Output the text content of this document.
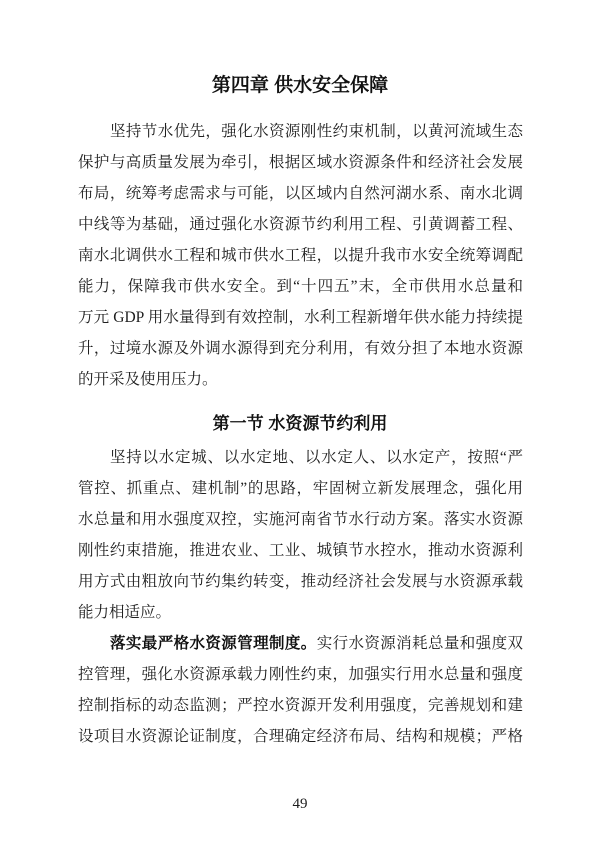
第四章 供水安全保障
坚持节水优先，强化水资源刚性约束机制，以黄河流域生态
保护与高质量发展为牵引，根据区域水资源条件和经济社会发展
布局，统筹考虑需求与可能，以区域内自然河湖水系、南水北调
中线等为基础，通过强化水资源节约利用工程、引黄调蓄工程、
南水北调供水工程和城市供水工程，以提升我市水安全统筹调配
能力，保障我市供水安全。到“十四五”末，全市供用水总量和
万元 GDP 用水量得到有效控制，水利工程新增年供水能力持续提
升，过境水源及外调水源得到充分利用，有效分担了本地水资源
的开采及使用压力。
第一节 水资源节约利用
坚持以水定城、以水定地、以水定人、以水定产，按照“严
管控、抓重点、建机制”的思路，牢固树立新发展理念，强化用
水总量和用水强度双控，实施河南省节水行动方案。落实水资源
刚性约束措施，推进农业、工业、城镇节水控水，推动水资源利
用方式由粗放向节约集约转变，推动经济社会发展与水资源承载
能力相适应。
落实最严格水资源管理制度。实行水资源消耗总量和强度双
控管理，强化水资源承载力刚性约束，加强实行用水总量和强度
控制指标的动态监测；严控水资源开发利用强度，完善规划和建
设项目水资源论证制度，合理确定经济布局、结构和规模；严格
49
